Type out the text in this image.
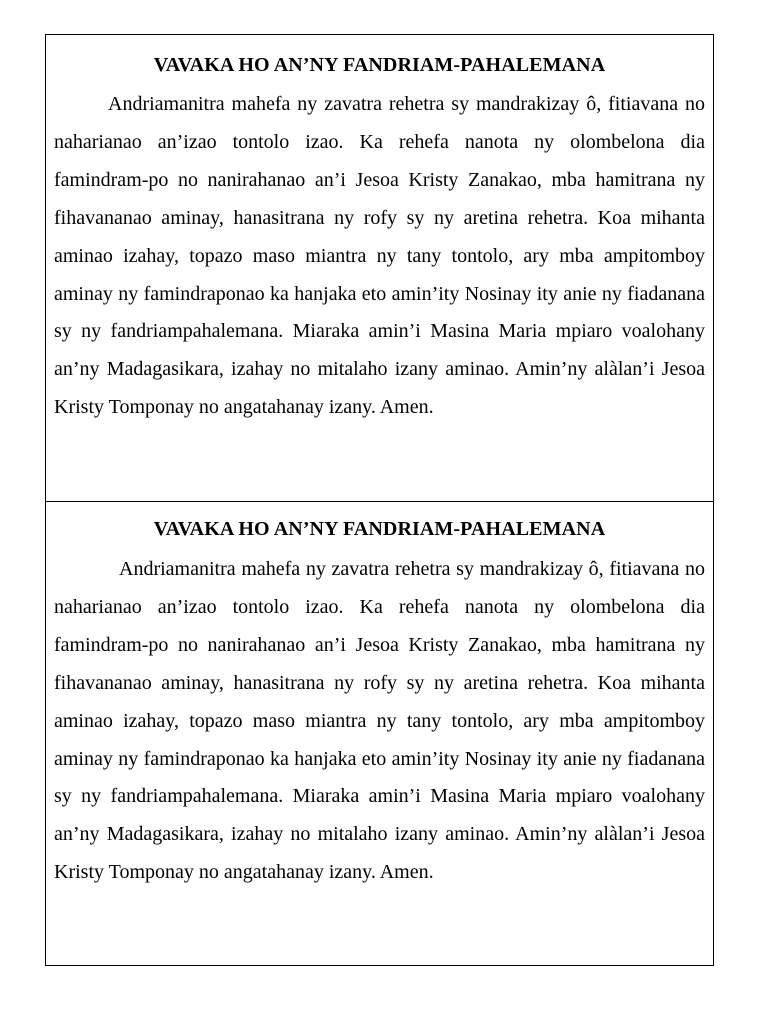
VAVAKA HO AN’NY FANDRIAM-PAHALEMANA

Andriamanitra mahefa ny zavatra rehetra sy mandrakizay ô, fitiavana no naharianao an’izao tontolo izao. Ka rehefa nanota ny olombelona dia famindram-po no nanirahanao an’i Jesoa Kristy Zanakao, mba hamitrana ny fihavananao aminay, hanasitrana ny rofy sy ny aretina rehetra. Koa mihanta aminao izahay, topazo maso miantra ny tany tontolo, ary mba ampitomboy aminay ny famindraponao ka hanjaka eto amin’ity Nosinay ity anie ny fiadanana sy ny fandriampahalemana. Miaraka amin’i Masina Maria mpiaro voalohany an’ny Madagasikara, izahay no mitalaho izany aminao. Amin’ny alàlan’i Jesoa Kristy Tomponay no angatahanay izany. Amen.

VAVAKA HO AN’NY FANDRIAM-PAHALEMANA

Andriamanitra mahefa ny zavatra rehetra sy mandrakizay ô, fitiavana no naharianao an’izao tontolo izao. Ka rehefa nanota ny olombelona dia famindram-po no nanirahanao an’i Jesoa Kristy Zanakao, mba hamitrana ny fihavananao aminay, hanasitrana ny rofy sy ny aretina rehetra. Koa mihanta aminao izahay, topazo maso miantra ny tany tontolo, ary mba ampitomboy aminay ny famindraponao ka hanjaka eto amin’ity Nosinay ity anie ny fiadanana sy ny fandriampahalemana. Miaraka amin’i Masina Maria mpiaro voalohany an’ny Madagasikara, izahay no mitalaho izany aminao. Amin’ny alàlan’i Jesoa Kristy Tomponay no angatahanay izany. Amen.
